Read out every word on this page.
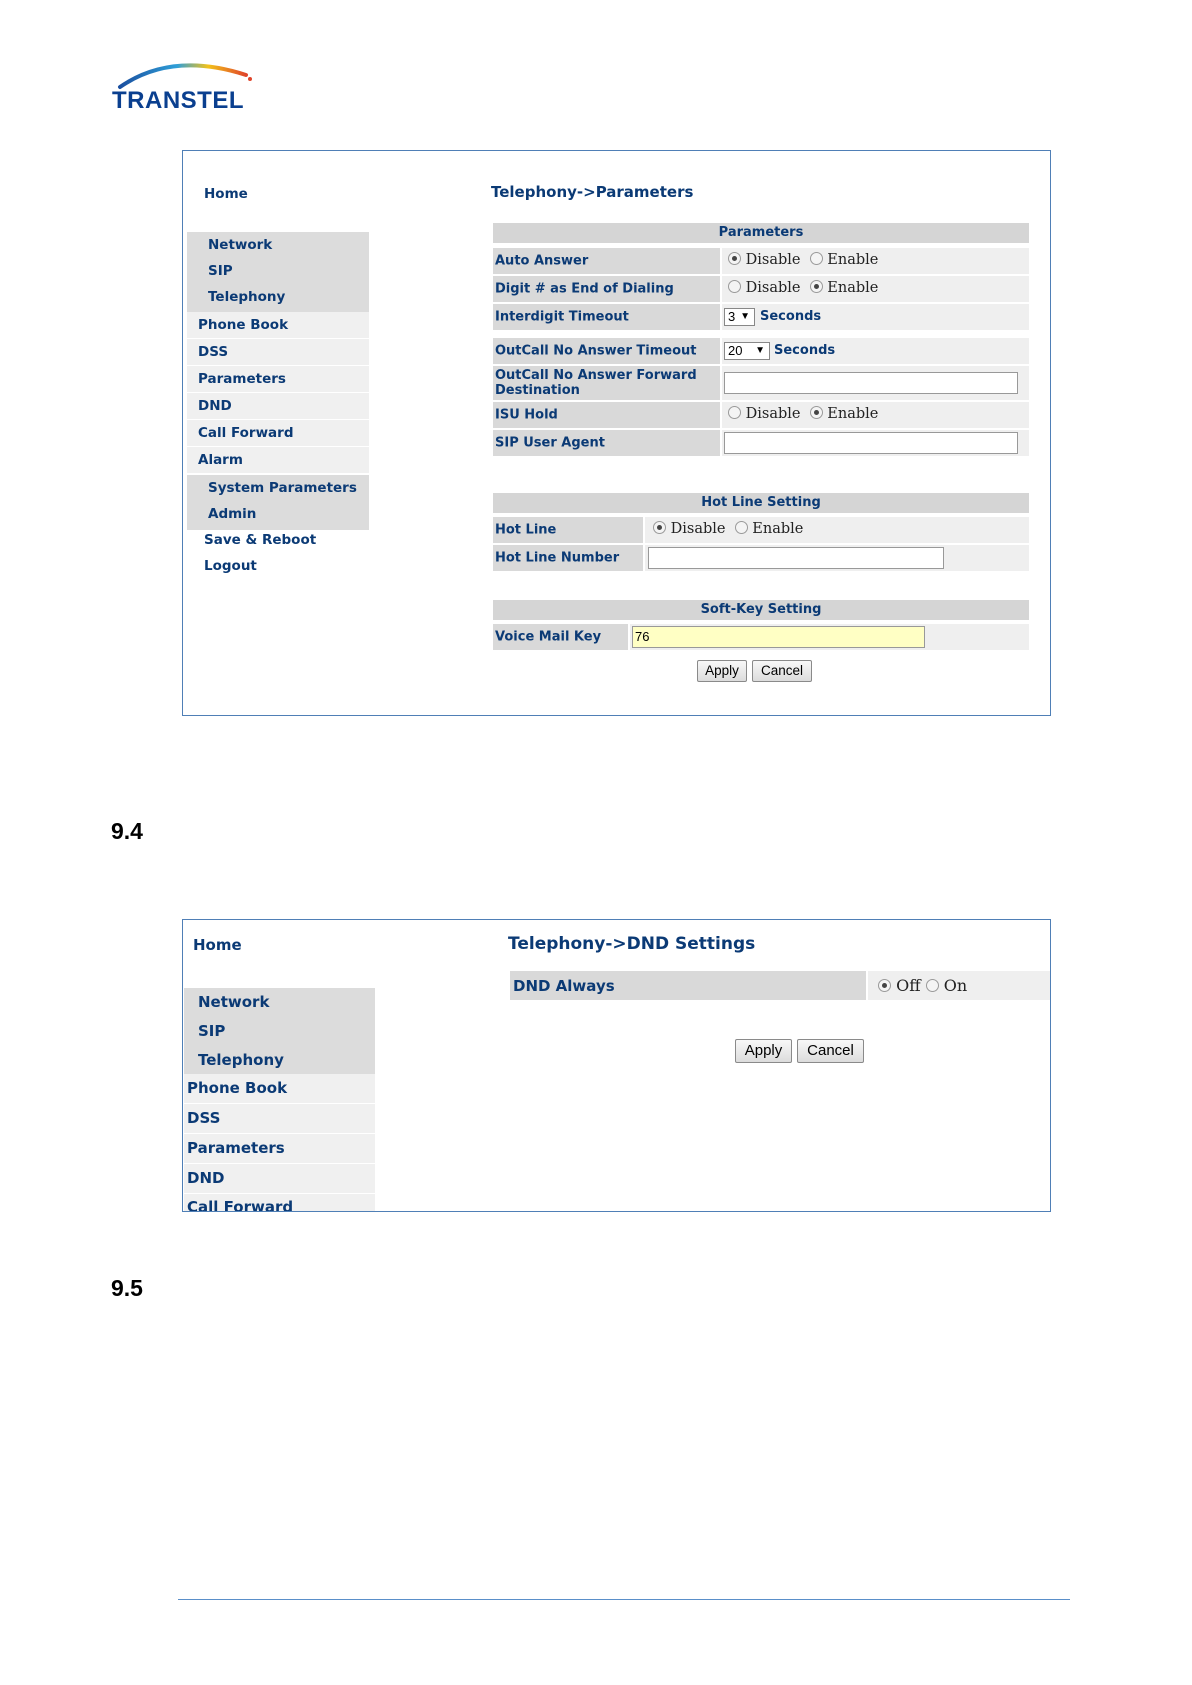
TRANSTEL
Home
Network
SIP
Telephony
Phone Book
DSS
Parameters
DND
Call Forward
Alarm
System Parameters
Admin
Save & Reboot
Logout
Telephony->Parameters
Parameters
Auto Answer	Disable Enable
Digit # as End of Dialing	Disable Enable
Interdigit Timeout	3 ▼ Seconds
OutCall No Answer Timeout	20 ▼ Seconds
OutCall No Answer Forward Destination
ISU Hold	Disable Enable
SIP User Agent
Hot Line Setting
Hot Line	Disable Enable
Hot Line Number
Soft-Key Setting
Voice Mail Key	76
Apply	Cancel
9.4
Home
Network
SIP
Telephony
Phone Book
DSS
Parameters
DND
Call Forward
Telephony->DND Settings
DND Always	Off On
Apply	Cancel
9.5
